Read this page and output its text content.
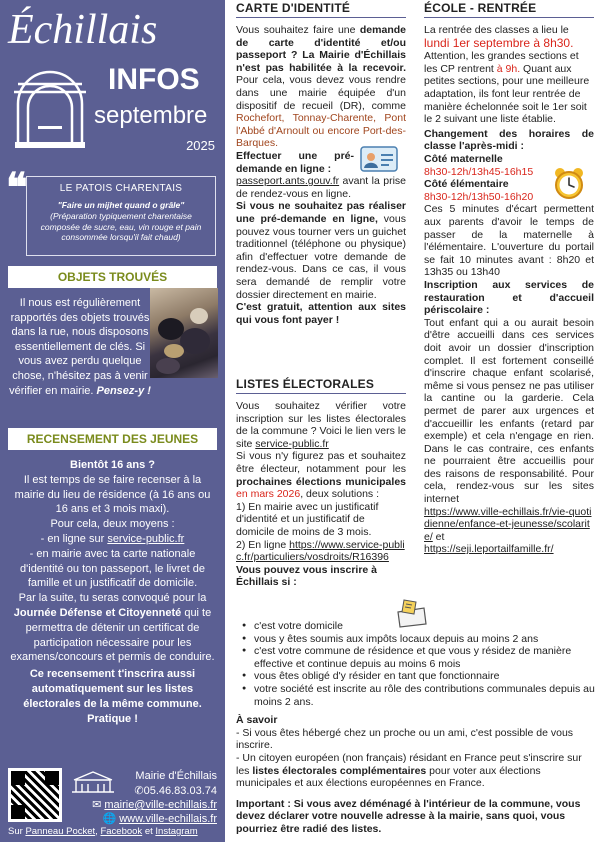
Échillais
INFOS
septembre
2025
❝	LE PATOIS CHARENTAIS
"Faire un mijhet quand o grâle"
(Préparation typiquement charentaise composée de sucre, eau, vin rouge et pain consommée lorsqu'il fait chaud)
OBJETS TROUVÉS
Il nous est régulièrement rapportés des objets trouvés dans la rue, nous disposons essentiellement de clés. Si vous avez perdu quelque chose, n'hésitez pas à venir vérifier en mairie. Pensez-y !
RECENSEMENT DES JEUNES
Bientôt 16 ans ?
Il est temps de se faire recenser à la mairie du lieu de résidence (à 16 ans ou 16 ans et 3 mois maxi).
Pour cela, deux moyens :
- en ligne sur service-public.fr
- en mairie avec ta carte nationale d'identité ou ton passeport, le livret de famille et un justificatif de domicile.
Par la suite, tu seras convoqué pour la Journée Défense et Citoyenneté qui te permettra de détenir un certificat de participation nécessaire pour les examens/concours et permis de conduire.
Ce recensement t'inscrira aussi automatiquement sur les listes électorales de la même commune. Pratique !
Mairie d'Échillais
✆05.46.83.03.74
✉ mairie@ville-echillais.fr
🌐 www.ville-echillais.fr
Sur Panneau Pocket, Facebook et Instagram
CARTE D'IDENTITÉ
Vous souhaitez faire une demande de carte d'identité et/ou passeport ? La Mairie d'Échillais n'est pas habilitée à la recevoir. Pour cela, vous devez vous rendre dans une mairie équipée d'un dispositif de recueil (DR), comme Rochefort, Tonnay-Charente, Pont l'Abbé d'Arnoult ou encore Port-des-Barques.
Effectuer une pré-demande en ligne :
passeport.ants.gouv.fr avant la prise de rendez-vous en ligne.
Si vous ne souhaitez pas réaliser une pré-demande en ligne, vous pouvez vous tourner vers un guichet traditionnel (téléphone ou physique) afin d'effectuer votre demande de rendez-vous. Dans ce cas, il vous sera demandé de remplir votre dossier directement en mairie.
C'est gratuit, attention aux sites qui vous font payer !
LISTES ÉLECTORALES
Vous souhaitez vérifier votre inscription sur les listes électorales de la commune ? Voici le lien vers le site service-public.fr
Si vous n'y figurez pas et souhaitez être électeur, notamment pour les prochaines élections municipales en mars 2026, deux solutions :
1) En mairie avec un justificatif d'identité et un justificatif de domicile de moins de 3 mois.
2) En ligne https://www.service-public.fr/particuliers/vosdroits/R16396
Vous pouvez vous inscrire à Échillais si :
● c'est votre domicile
● vous y êtes soumis aux impôts locaux depuis au moins 2 ans
● c'est votre commune de résidence et que vous y résidez de manière effective et continue depuis au moins 6 mois
● vous êtes obligé d'y résider en tant que fonctionnaire
● votre société est inscrite au rôle des contributions communales depuis au moins 2 ans.
À savoir
- Si vous êtes hébergé chez un proche ou un ami, c'est possible de vous inscrire.
- Un citoyen européen (non français) résidant en France peut s'inscrire sur les listes électorales complémentaires pour voter aux élections municipales et aux élections européennes en France.
Important : Si vous avez déménagé à l'intérieur de la commune, vous devez déclarer votre nouvelle adresse à la mairie, sans quoi, vous pourriez être radié des listes.
ÉCOLE - RENTRÉE
La rentrée des classes a lieu le lundi 1er septembre à 8h30. Attention, les grandes sections et les CP rentrent à 9h. Quant aux petites sections, pour une meilleure adaptation, ils font leur rentrée de manière échelonnée soit le 1er soit le 2 suivant une liste établie.
Changement des horaires de classe l'après-midi :
Côté maternelle
8h30-12h/13h45-16h15
Côté élémentaire
8h30-12h/13h50-16h20
Ces 5 minutes d'écart permettent aux parents d'avoir le temps de passer de la maternelle à l'élémentaire. L'ouverture du portail se fait 10 minutes avant : 8h20 et 13h35 ou 13h40
Inscription aux services de restauration et d'accueil périscolaire :
Tout enfant qui a ou aurait besoin d'être accueilli dans ces services doit avoir un dossier d'inscription complet. Il est fortement conseillé d'inscrire chaque enfant scolarisé, même si vous pensez ne pas utiliser la cantine ou la garderie. Cela permet de parer aux urgences et d'accueillir les enfants (retard par exemple) et cela n'engage en rien. Dans le cas contraire, ces enfants ne pourraient être accueillis pour des raisons de responsabilité. Pour cela, rendez-vous sur les sites internet
https://www.ville-echillais.fr/vie-quotidienne/enfance-et-jeunesse/scolarite/ et
https://seji.leportailfamille.fr/
